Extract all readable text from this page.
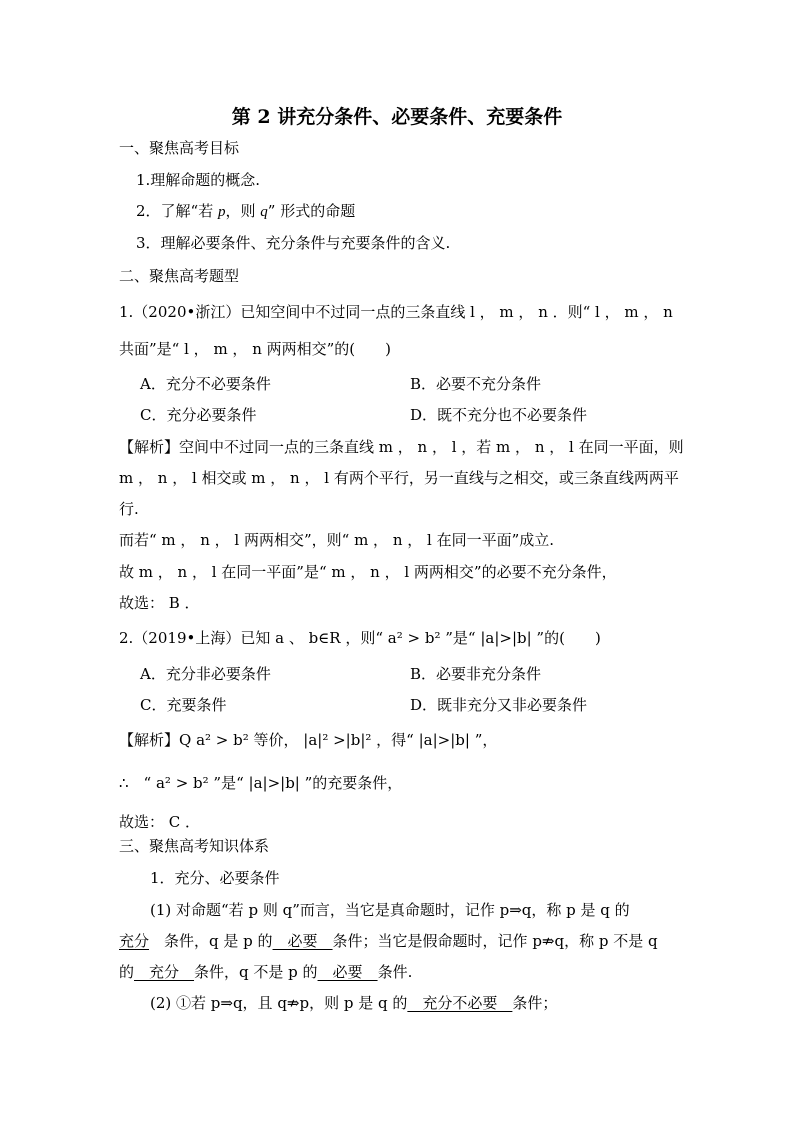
第 2 讲充分条件、必要条件、充要条件
一、聚焦高考目标
1.理解命题的概念.
2．了解“若 p，则 q” 形式的命题
3．理解必要条件、充分条件与充要条件的含义.
二、聚焦高考题型
1.（2020•浙江）已知空间中不过同一点的三条直线 l ， m ， n ．则“ l ， m ， n
共面”是“ l ， m ， n 两两相交”的(　　)
A．充分不必要条件	B．必要不充分条件
C．充分必要条件	D．既不充分也不必要条件
【解析】空间中不过同一点的三条直线 m ， n ， l ，若 m ， n ， l 在同一平面，则
m ， n ， l 相交或 m ， n ， l 有两个平行，另一直线与之相交，或三条直线两两平
行.
而若“ m ， n ， l 两两相交”，则“ m ， n ， l 在同一平面”成立.
故 m ， n ， l 在同一平面”是“ m ， n ， l 两两相交”的必要不充分条件，
故选： B ．
2.（2019•上海）已知 a 、 b∈R ，则“ a² > b² ”是“ |a|>|b| ”的(　　)
A．充分非必要条件	B．必要非充分条件
C．充要条件	D．既非充分又非必要条件
【解析】Q a² > b² 等价， |a|² >|b|² ，得“ |a|>|b| ”，
∴　“ a² > b² ”是“ |a|>|b| ”的充要条件，
故选： C ．
三、聚焦高考知识体系
1．充分、必要条件
(1) 对命题“若 p 则 q”而言，当它是真命题时，记作 p⇒q，称 p 是 q 的
充分　条件，q 是 p 的　必要　条件；当它是假命题时，记作 p⇏q，称 p 不是 q
的　充分　条件，q 不是 p 的　必要　条件.
(2) ①若 p⇒q，且 q⇏p，则 p 是 q 的　充分不必要　条件；
